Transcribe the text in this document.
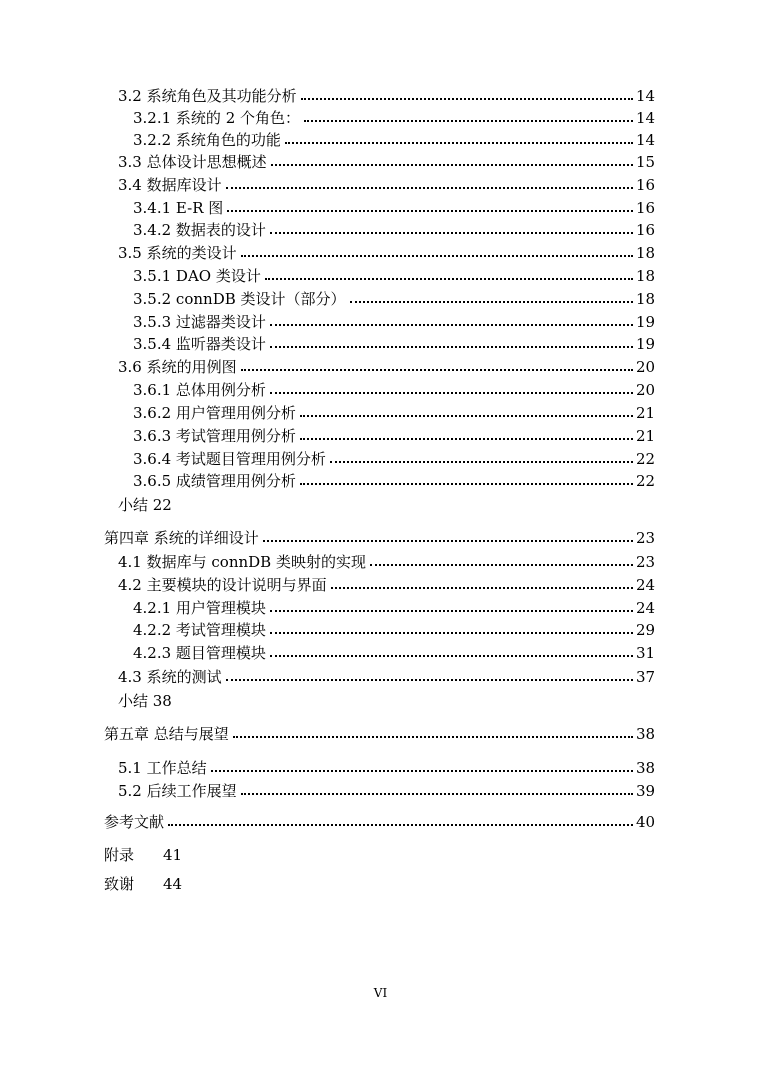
3.2 系统角色及其功能分析	14
3.2.1 系统的 2 个角色：	14
3.2.2 系统角色的功能	14
3.3 总体设计思想概述	15
3.4 数据库设计	16
3.4.1 E-R 图	16
3.4.2 数据表的设计	16
3.5 系统的类设计	18
3.5.1 DAO 类设计	18
3.5.2 connDB 类设计（部分）	18
3.5.3 过滤器类设计	19
3.5.4 监听器类设计	19
3.6 系统的用例图	20
3.6.1 总体用例分析	20
3.6.2 用户管理用例分析	21
3.6.3 考试管理用例分析	21
3.6.4 考试题目管理用例分析	22
3.6.5 成绩管理用例分析	22
小结 22
第四章 系统的详细设计	23
4.1 数据库与 connDB 类映射的实现	23
4.2 主要模块的设计说明与界面	24
4.2.1 用户管理模块	24
4.2.2 考试管理模块	29
4.2.3 题目管理模块	31
4.3 系统的测试	37
小结 38
第五章 总结与展望	38
5.1 工作总结	38
5.2 后续工作展望	39
参考文献	40
附录 41
致谢 44
VI
